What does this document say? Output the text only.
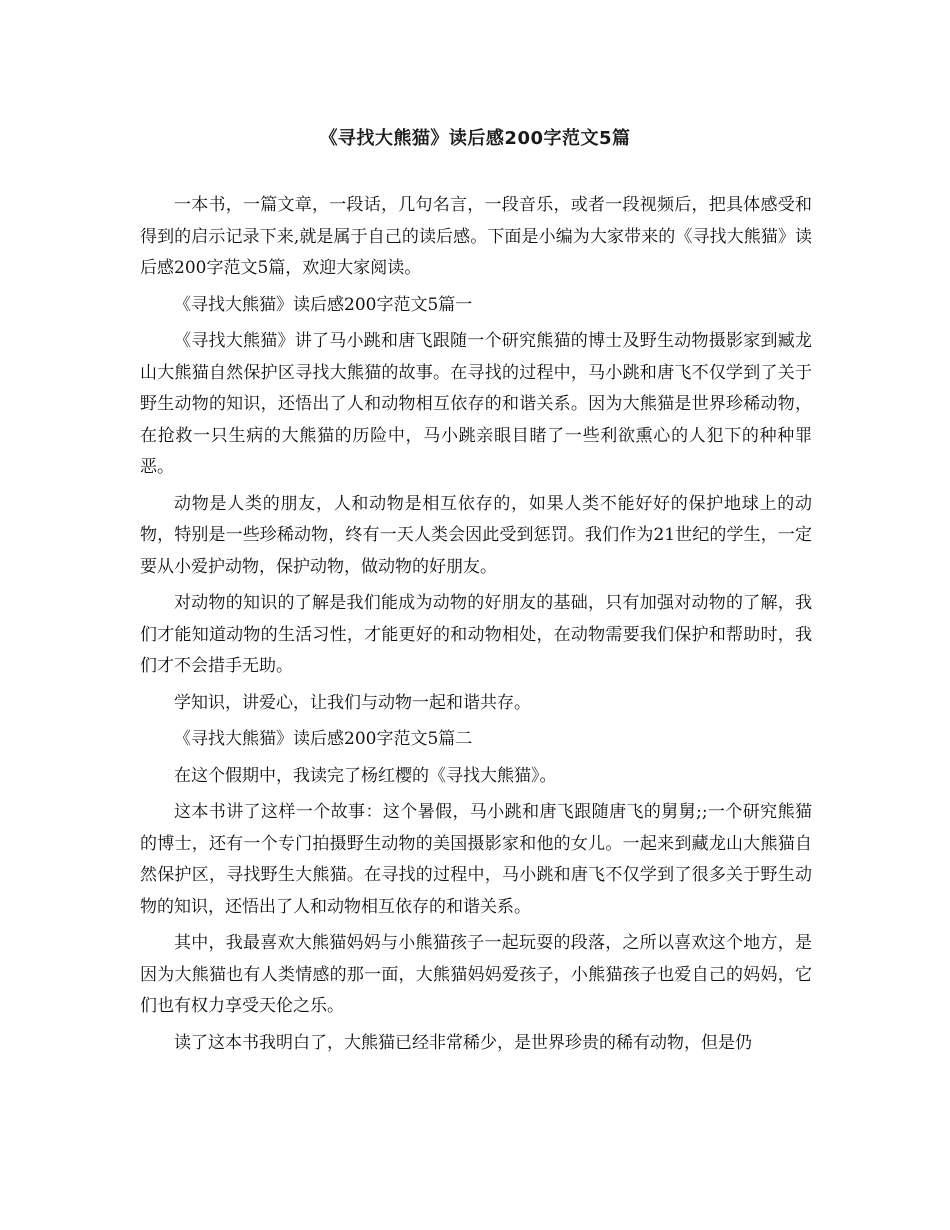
《寻找大熊猫》读后感200字范文5篇

一本书，一篇文章，一段话，几句名言，一段音乐，或者一段视频后，把具体感受和得到的启示记录下来,就是属于自己的读后感。下面是小编为大家带来的《寻找大熊猫》读后感200字范文5篇，欢迎大家阅读。

《寻找大熊猫》读后感200字范文5篇一

《寻找大熊猫》讲了马小跳和唐飞跟随一个研究熊猫的博士及野生动物摄影家到臧龙山大熊猫自然保护区寻找大熊猫的故事。在寻找的过程中，马小跳和唐飞不仅学到了关于野生动物的知识，还悟出了人和动物相互依存的和谐关系。因为大熊猫是世界珍稀动物，在抢救一只生病的大熊猫的历险中，马小跳亲眼目睹了一些利欲熏心的人犯下的种种罪恶。

动物是人类的朋友，人和动物是相互依存的，如果人类不能好好的保护地球上的动物，特别是一些珍稀动物，终有一天人类会因此受到惩罚。我们作为21世纪的学生，一定要从小爱护动物，保护动物，做动物的好朋友。

对动物的知识的了解是我们能成为动物的好朋友的基础，只有加强对动物的了解，我们才能知道动物的生活习性，才能更好的和动物相处，在动物需要我们保护和帮助时，我们才不会措手无助。

学知识，讲爱心，让我们与动物一起和谐共存。

《寻找大熊猫》读后感200字范文5篇二

在这个假期中，我读完了杨红樱的《寻找大熊猫》。

这本书讲了这样一个故事：这个暑假，马小跳和唐飞跟随唐飞的舅舅;;一个研究熊猫的博士，还有一个专门拍摄野生动物的美国摄影家和他的女儿。一起来到藏龙山大熊猫自然保护区，寻找野生大熊猫。在寻找的过程中，马小跳和唐飞不仅学到了很多关于野生动物的知识，还悟出了人和动物相互依存的和谐关系。

其中，我最喜欢大熊猫妈妈与小熊猫孩子一起玩耍的段落，之所以喜欢这个地方，是因为大熊猫也有人类情感的那一面，大熊猫妈妈爱孩子，小熊猫孩子也爱自己的妈妈，它们也有权力享受天伦之乐。

读了这本书我明白了，大熊猫已经非常稀少，是世界珍贵的稀有动物，但是仍
